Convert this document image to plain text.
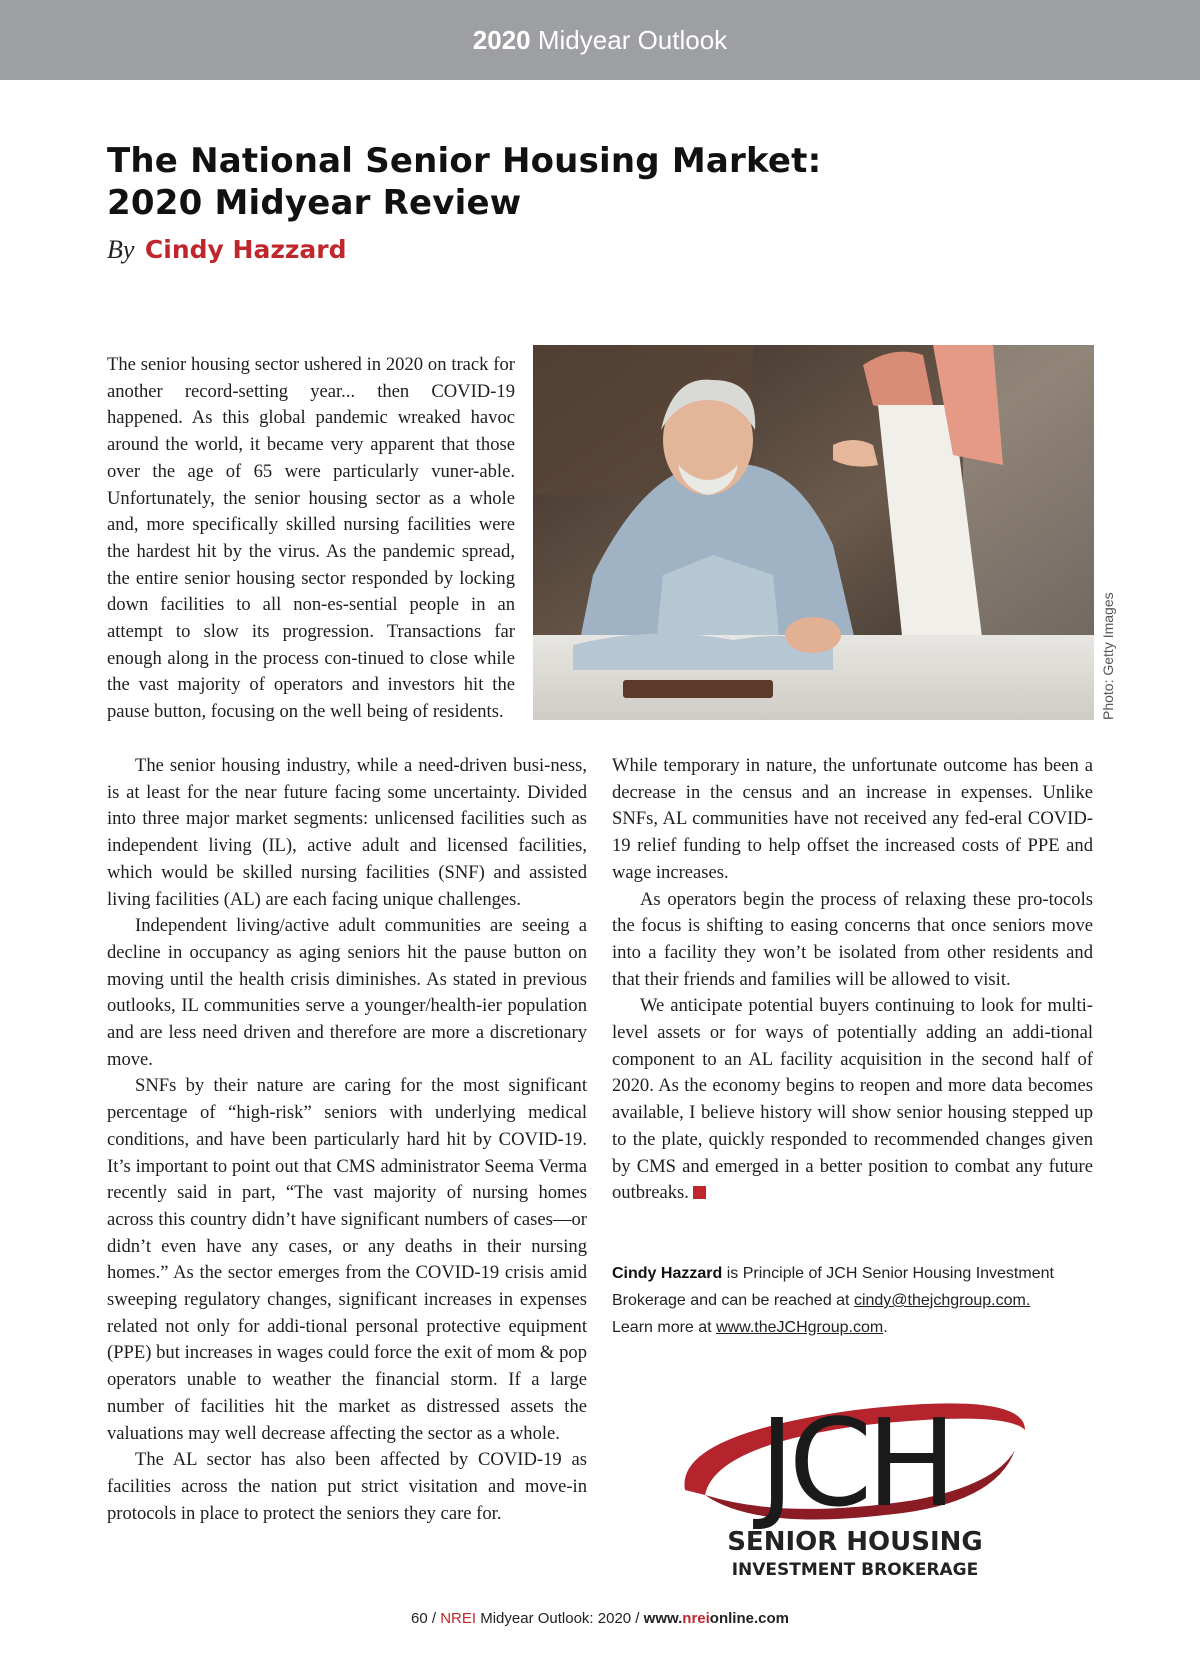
2020 Midyear Outlook
The National Senior Housing Market:
2020 Midyear Review
By Cindy Hazzard
Photo: Getty Images

The senior housing sector ushered in 2020 on track for another record-setting year... then COVID-19 happened. As this global pandemic wreaked havoc around the world, it became very apparent that those over the age of 65 were particularly vuner-able. Unfortunately, the senior housing sector as a whole and, more specifically skilled nursing facilities were the hardest hit by the virus. As the pandemic spread, the entire senior housing sector responded by locking down facilities to all non-es-sential people in an attempt to slow its progression. Transactions far enough along in the process con-tinued to close while the vast majority of operators and investors hit the pause button, focusing on the well being of residents.

The senior housing industry, while a need-driven busi-ness, is at least for the near future facing some uncertainty. Divided into three major market segments: unlicensed facilities such as independent living (IL), active adult and licensed facilities, which would be skilled nursing facilities (SNF) and assisted living facilities (AL) are each facing unique challenges.

Independent living/active adult communities are seeing a decline in occupancy as aging seniors hit the pause button on moving until the health crisis diminishes. As stated in previous outlooks, IL communities serve a younger/health-ier population and are less need driven and therefore are more a discretionary move.

SNFs by their nature are caring for the most significant percentage of “high-risk” seniors with underlying medical conditions, and have been particularly hard hit by COVID-19. It’s important to point out that CMS administrator Seema Verma recently said in part, “The vast majority of nursing homes across this country didn’t have significant numbers of cases—or didn’t even have any cases, or any deaths in their nursing homes.” As the sector emerges from the COVID-19 crisis amid sweeping regulatory changes, significant increases in expenses related not only for addi-tional personal protective equipment (PPE) but increases in wages could force the exit of mom & pop operators unable to weather the financial storm. If a large number of facilities hit the market as distressed assets the valuations may well decrease affecting the sector as a whole.

The AL sector has also been affected by COVID-19 as facilities across the nation put strict visitation and move-in protocols in place to protect the seniors they care for.

While temporary in nature, the unfortunate outcome has been a decrease in the census and an increase in expenses. Unlike SNFs, AL communities have not received any fed-eral COVID-19 relief funding to help offset the increased costs of PPE and wage increases.

As operators begin the process of relaxing these pro-tocols the focus is shifting to easing concerns that once seniors move into a facility they won’t be isolated from other residents and that their friends and families will be allowed to visit.

We anticipate potential buyers continuing to look for multi-level assets or for ways of potentially adding an addi-tional component to an AL facility acquisition in the second half of 2020. As the economy begins to reopen and more data becomes available, I believe history will show senior housing stepped up to the plate, quickly responded to recommended changes given by CMS and emerged in a better position to combat any future outbreaks.

Cindy Hazzard is Principle of JCH Senior Housing Investment Brokerage and can be reached at cindy@thejchgroup.com.
Learn more at www.theJCHgroup.com.
JCH
SENIOR HOUSING
INVESTMENT BROKERAGE
60 / NREI Midyear Outlook: 2020 / www.nreionline.com
